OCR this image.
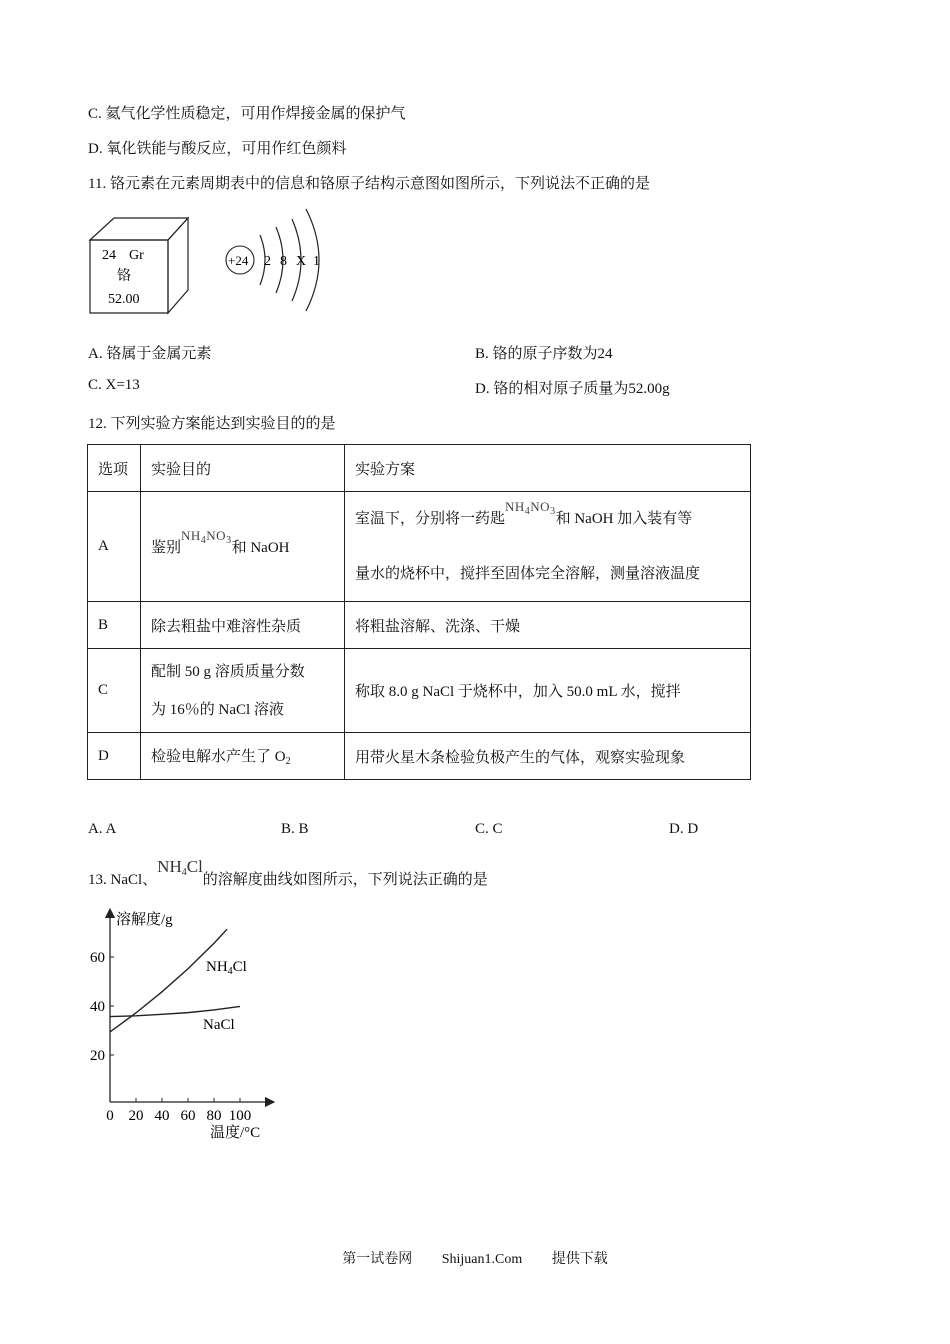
C. 氦气化学性质稳定，可用作焊接金属的保护气
D. 氧化铁能与酸反应，可用作红色颜料
11. 铬元素在元素周期表中的信息和铬原子结构示意图如图所示，下列说法不正确的是
24 Gr
铬
52.00
+24 2 8 X 1
A. 铬属于金属元素	B. 铬的原子序数为24
C. X=13	D. 铬的相对原子质量为52.00g
12. 下列实验方案能达到实验目的的是
选项	实验目的	实验方案
A	鉴别$NH_4NO_3$和 NaOH	室温下，分别将一药匙$NH_4NO_3$和 NaOH 加入装有等
量水的烧杯中，搅拌至固体完全溶解，测量溶液温度

B	除去粗盐中难溶性杂质	将粗盐溶解、洗涤、干燥
C	配制 50 g 溶质质量分数
为 16％的 NaCl 溶液	称取 8.0 g NaCl 于烧杯中，加入 50.0 mL 水，搅拌
D	检验电解水产生了 $O_2$	用带火星木条检验负极产生的气体，观察实验现象
A. A	B. B	C. C	D. D
13. NaCl、$NH_4Cl$的溶解度曲线如图所示，下列说法正确的是
溶解度/g
温度/°C
0 20 40 60 80 100
20
40
60
$NH_4Cl$
NaCl
第一试卷网 Shijuan1.Com 提供下载
